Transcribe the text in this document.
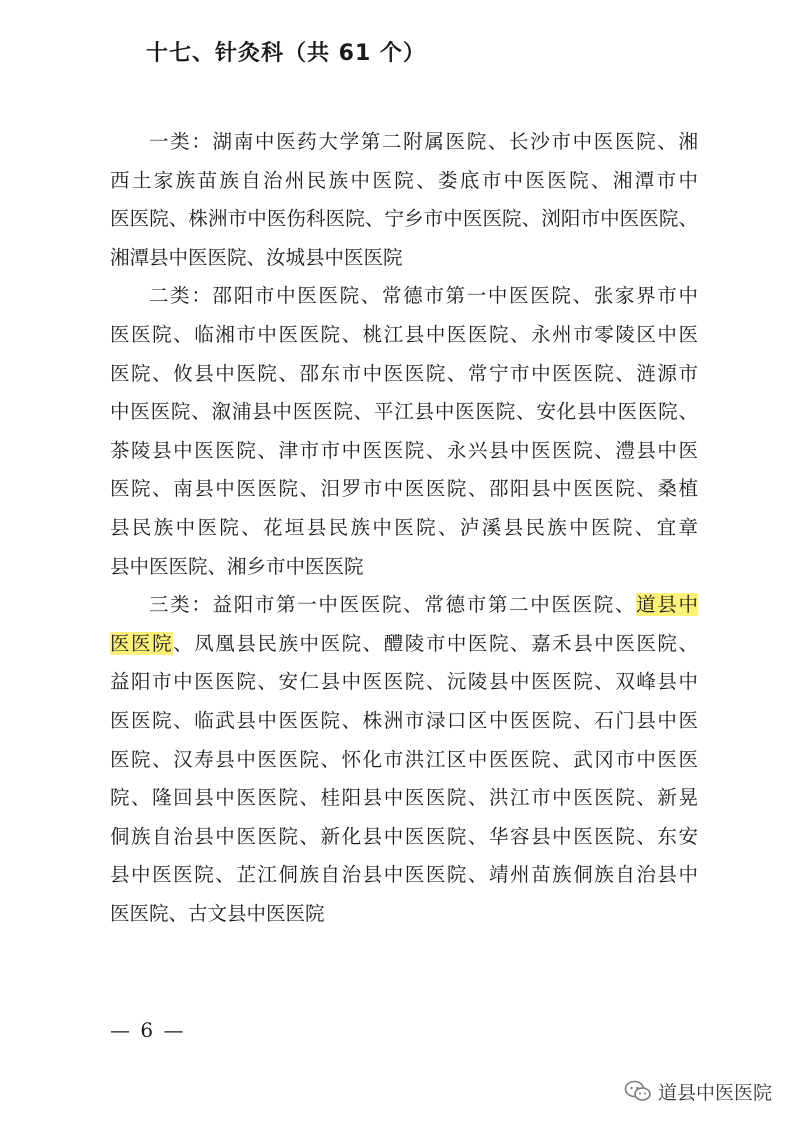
十七、针灸科（共 61 个）
一类：湖南中医药大学第二附属医院、长沙市中医医院、湘
西土家族苗族自治州民族中医院、娄底市中医医院、湘潭市中
医医院、株洲市中医伤科医院、宁乡市中医医院、浏阳市中医医院、
湘潭县中医医院、汝城县中医医院
二类：邵阳市中医医院、常德市第一中医医院、张家界市中
医医院、临湘市中医医院、桃江县中医医院、永州市零陵区中医
医院、攸县中医院、邵东市中医医院、常宁市中医医院、涟源市
中医医院、溆浦县中医医院、平江县中医医院、安化县中医医院、
茶陵县中医医院、津市市中医医院、永兴县中医医院、澧县中医
医院、南县中医医院、汨罗市中医医院、邵阳县中医医院、桑植
县民族中医院、花垣县民族中医院、泸溪县民族中医院、宜章
县中医医院、湘乡市中医医院
三类：益阳市第一中医医院、常德市第二中医医院、道县中
医医院、凤凰县民族中医院、醴陵市中医院、嘉禾县中医医院、
益阳市中医医院、安仁县中医医院、沅陵县中医医院、双峰县中
医医院、临武县中医医院、株洲市渌口区中医医院、石门县中医
医院、汉寿县中医医院、怀化市洪江区中医医院、武冈市中医医
院、隆回县中医医院、桂阳县中医医院、洪江市中医医院、新晃
侗族自治县中医医院、新化县中医医院、华容县中医医院、东安
县中医医院、芷江侗族自治县中医医院、靖州苗族侗族自治县中
医医院、古文县中医医院
— 6 —
道县中医医院
